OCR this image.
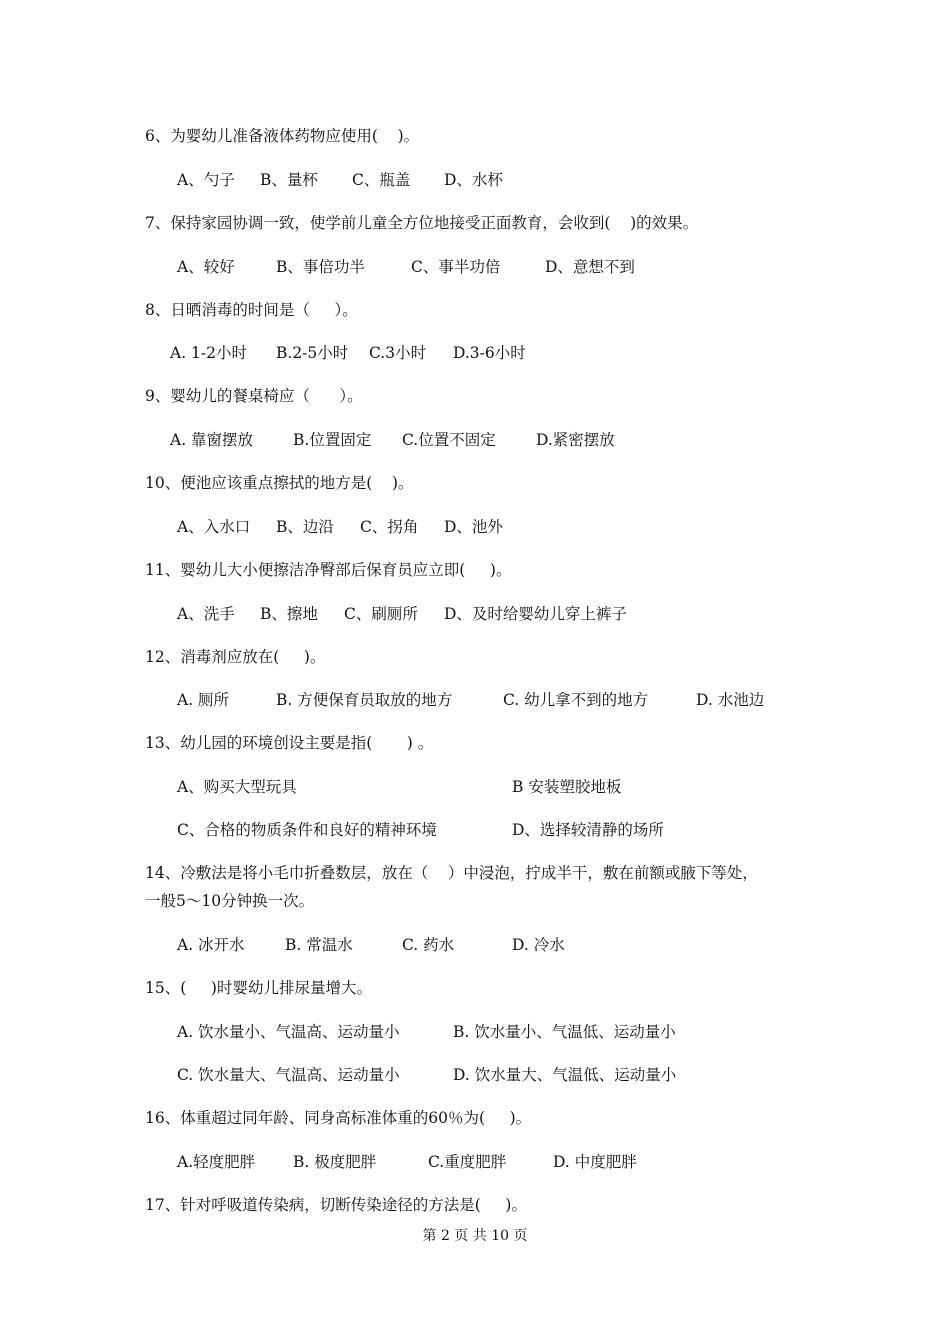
6、为婴幼儿准备液体药物应使用(    )。
A、勺子 B、量杯 C、瓶盖 D、水杯
7、保持家园协调一致，使学前儿童全方位地接受正面教育，会收到(    )的效果。
A、较好	B、事倍功半	C、事半功倍	D、意想不到
8、日晒消毒的时间是（     ）。
A. 1-2小时 B.2-5小时 C.3小时 D.3-6小时
9、婴幼儿的餐桌椅应（      ）。
A. 靠窗摆放	B.位置固定 C.位置不固定	D.紧密摆放
10、便池应该重点擦拭的地方是(    )。
A、入水口 B、边沿 C、拐角 D、池外
11、婴幼儿大小便擦洁净臀部后保育员应立即(     )。
A、洗手 B、擦地 C、刷厕所 D、及时给婴幼儿穿上裤子
12、消毒剂应放在(     )。
A. 厕所	B. 方便保育员取放的地方	C. 幼儿拿不到的地方	D. 水池边
13、幼儿园的环境创设主要是指(       ) 。
A、购买大型玩具	B 安装塑胶地板
C、合格的物质条件和良好的精神环境	D、选择较清静的场所
14、冷敷法是将小毛巾折叠数层，放在（    ）中浸泡，拧成半干，敷在前额或腋下等处，
一般5～10分钟换一次。
A. 冰开水	B. 常温水	C. 药水	D. 冷水
15、(     )时婴幼儿排尿量增大。
A. 饮水量小、气温高、运动量小	B. 饮水量小、气温低、运动量小
C. 饮水量大、气温高、运动量小	D. 饮水量大、气温低、运动量小
16、体重超过同年龄、同身高标准体重的60％为(     )。
A.轻度肥胖 B. 极度肥胖	C.重度肥胖	D. 中度肥胖
17、针对呼吸道传染病，切断传染途径的方法是(     )。
第 2 页 共 10 页
